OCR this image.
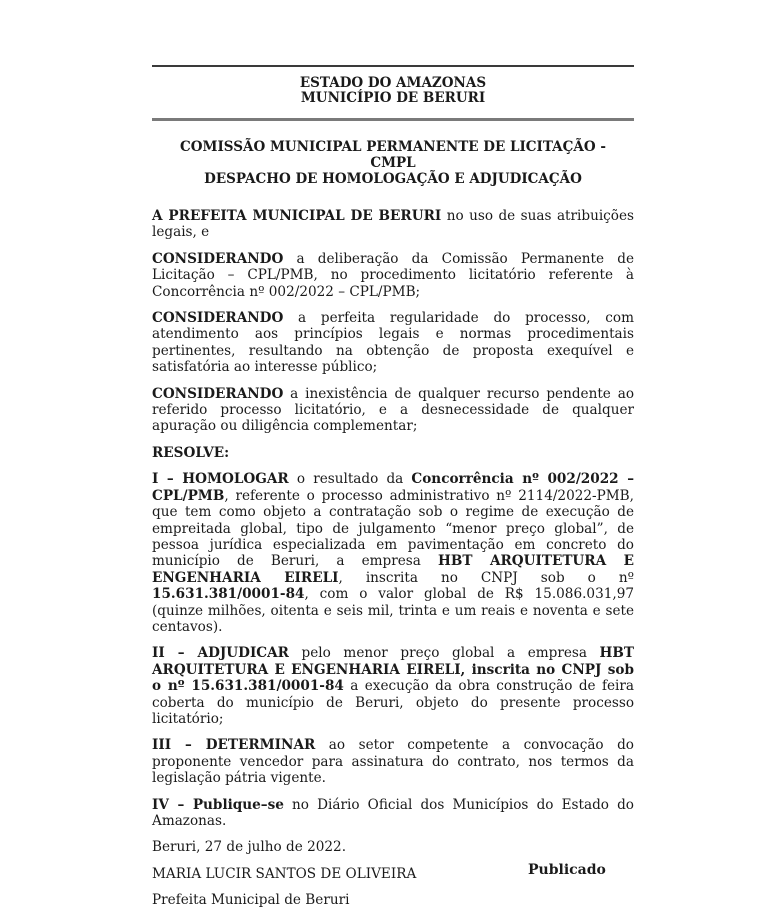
ESTADO DO AMAZONAS
MUNICÍPIO DE BERURI
COMISSÃO MUNICIPAL PERMANENTE DE LICITAÇÃO -
CMPL
DESPACHO DE HOMOLOGAÇÃO E ADJUDICAÇÃO

A PREFEITA MUNICIPAL DE BERURI no uso de suas atribuições legais, e

CONSIDERANDO a deliberação da Comissão Permanente de Licitação – CPL/PMB, no procedimento licitatório referente à Concorrência nº 002/2022 – CPL/PMB;

CONSIDERANDO a perfeita regularidade do processo, com atendimento aos princípios legais e normas procedimentais pertinentes, resultando na obtenção de proposta exequível e satisfatória ao interesse público;

CONSIDERANDO a inexistência de qualquer recurso pendente ao referido processo licitatório, e a desnecessidade de qualquer apuração ou diligência complementar;

RESOLVE:

I – HOMOLOGAR o resultado da Concorrência nº 002/2022 – CPL/PMB, referente o processo administrativo nº 2114/2022-PMB, que tem como objeto a contratação sob o regime de execução de empreitada global, tipo de julgamento “menor preço global”, de pessoa jurídica especializada em pavimentação em concreto do município de Beruri, a empresa HBT ARQUITETURA E ENGENHARIA EIRELI, inscrita no CNPJ sob o nº 15.631.381/0001-84, com o valor global de R$ 15.086.031,97 (quinze milhões, oitenta e seis mil, trinta e um reais e noventa e sete centavos).

II – ADJUDICAR pelo menor preço global a empresa HBT ARQUITETURA E ENGENHARIA EIRELI, inscrita no CNPJ sob o nº 15.631.381/0001-84 a execução da obra construção de feira coberta do município de Beruri, objeto do presente processo licitatório;

III – DETERMINAR ao setor competente a convocação do proponente vencedor para assinatura do contrato, nos termos da legislação pátria vigente.

IV – Publique–se no Diário Oficial dos Municípios do Estado do Amazonas.

Beruri, 27 de julho de 2022.

MARIA LUCIR SANTOS DE OLIVEIRA

Prefeita Municipal de Beruri

Publicado
